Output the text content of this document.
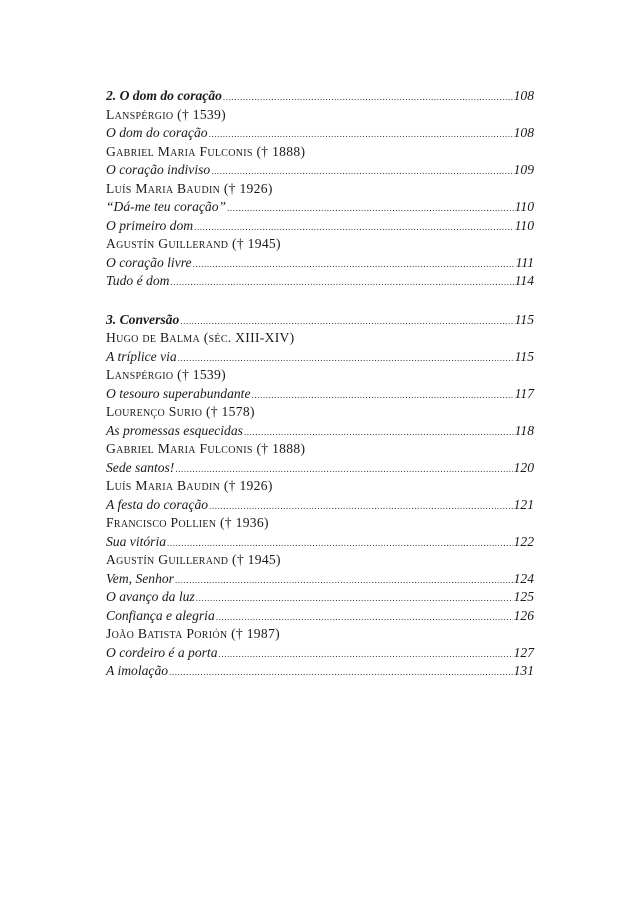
2. O dom do coração .....	108
Lanspérgio († 1539)
O dom do coração .....	108
Gabriel Maria Fulconis († 1888)
O coração indiviso .....	109
Luís Maria Baudin († 1926)
“Dá-me teu coração” .....	110
O primeiro dom .....	110
Agustín Guillerand († 1945)
O coração livre .....	111
Tudo é dom .....	114
3. Conversão .....	115
Hugo de Balma (séc. XIII-XIV)
A tríplice via .....	115
Lanspérgio († 1539)
O tesouro superabundante .....	117
Lourenço Surio († 1578)
As promessas esquecidas .....	118
Gabriel Maria Fulconis († 1888)
Sede santos! .....	120
Luís Maria Baudin († 1926)
A festa do coração .....	121
Francisco Pollien († 1936)
Sua vitória .....	122
Agustín Guillerand († 1945)
Vem, Senhor .....	124
O avanço da luz .....	125
Confiança e alegria .....	126
João Batista Porión († 1987)
O cordeiro é a porta .....	127
A imolação .....	131
